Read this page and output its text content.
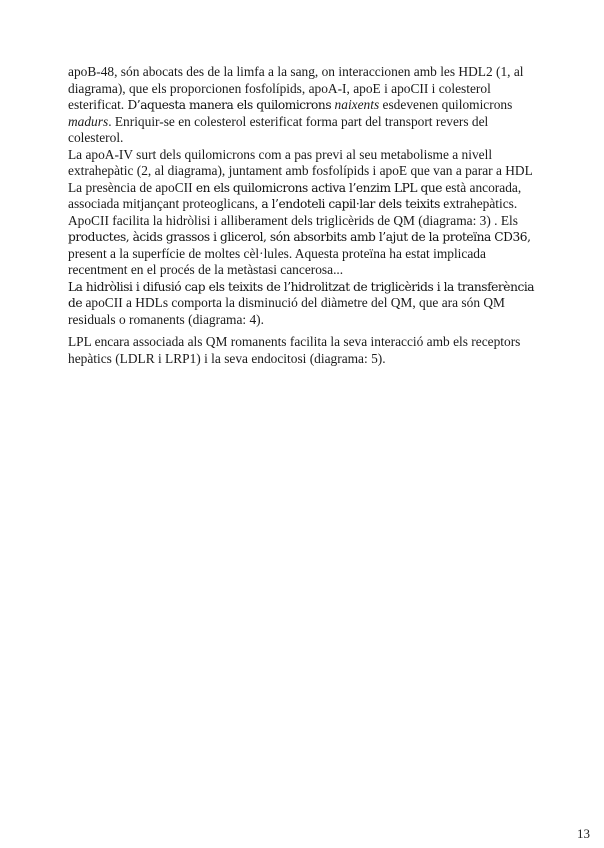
apoB-48, són abocats des de la limfa a la sang, on interaccionen amb les HDL2 (1, al diagrama), que els proporcionen fosfolípids, apoA-I, apoE i apoCII i colesterol esterificat. D’aquesta manera els quilomicrons naixents esdevenen quilomicrons madurs. Enriquir-se en colesterol esterificat forma part del transport revers del colesterol.

La apoA-IV surt dels quilomicrons com a pas previ al seu metabolisme a nivell extrahepàtic (2, al diagrama), juntament amb fosfolípids i apoE que van a parar a HDL

La presència de apoCII en els quilomicrons activa l’enzim LPL que està ancorada, associada mitjançant proteoglicans, a l’endoteli capil·lar dels teixits extrahepàtics.

ApoCII facilita la hidròlisi i alliberament dels triglicèrids de QM (diagrama: 3) . Els productes, àcids grassos i glicerol, són absorbits amb l’ajut de la proteïna CD36, present a la superfície de moltes cèl·lules. Aquesta proteïna ha estat implicada recentment en el procés de la metàstasi cancerosa...

La hidròlisi i difusió cap els teixits de l’hidrolitzat de triglicèrids i la transferència de apoCII a HDLs comporta la disminució del diàmetre del QM, que ara són QM residuals o romanents (diagrama: 4).

LPL encara associada als QM romanents facilita la seva interacció amb els receptors hepàtics (LDLR i LRP1) i la seva endocitosi (diagrama: 5).

13
